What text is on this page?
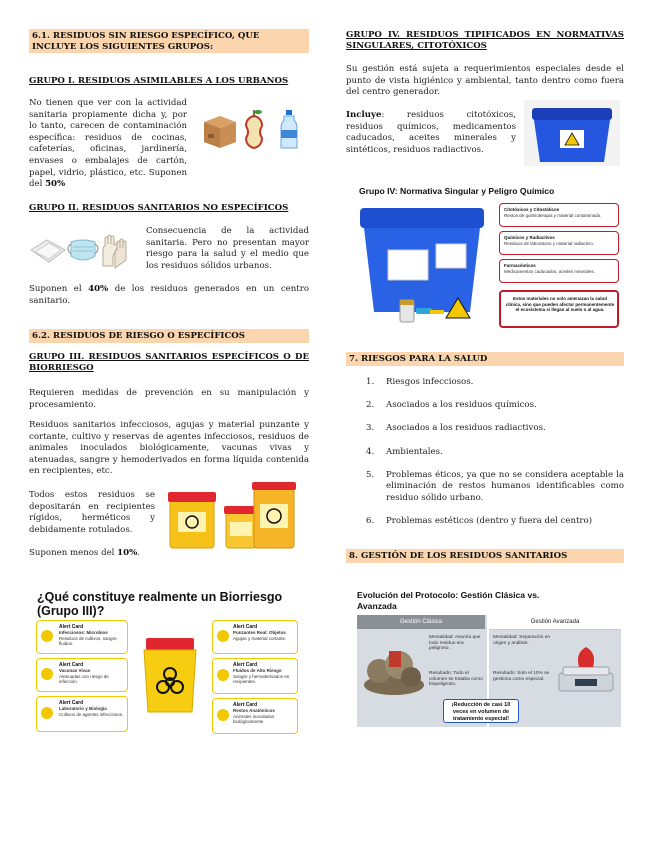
6.1. RESIDUOS SIN RIESGO ESPECÍFICO, QUE INCLUYE LOS SIGUIENTES GRUPOS:
GRUPO I. RESIDUOS ASIMILABLES A LOS URBANOS
No tienen que ver con la actividad sanitaria propiamente dicha y, por lo tanto, carecen de contaminación específica: residuos de cocinas, cafeterías, oficinas, jardinería, envases o embalajes de cartón, papel, vidrio, plástico, etc. Suponen del 50%
GRUPO II. RESIDUOS SANITARIOS NO ESPECÍFICOS
Consecuencia de la actividad sanitaria. Pero no presentan mayor riesgo para la salud y el medio que los residuos sólidos urbanos.
Suponen el 40% de los residuos generados en un centro sanitario.
6.2. RESIDUOS DE RIESGO O ESPECÍFICOS
GRUPO III. RESIDUOS SANITARIOS ESPECÍFICOS O DE BIORRIESGO
Requieren medidas de prevención en su manipulación y procesamiento.
Residuos sanitarios infecciosos, agujas y material punzante y cortante, cultivo y reservas de agentes infecciosos, residuos de animales inoculados biológicamente, vacunas vivas y atenuadas, sangre y hemoderivados en forma líquida contenida en recipientes, etc.
Todos estos residuos se depositarán en recipientes rígidos, herméticos y debidamente rotulados.
Suponen menos del 10%.
¿Qué constituye realmente un Biorriesgo (Grupo III)?
Alert Card
Infecciosos: Microbios
Residuos de cultivos, sangre, fluidos.
Alert Card
Vacunas Vivas
Atenuadas con riesgo de infección.
Alert Card
Laboratorio y Biología
Cultivos de agentes infecciosos.
Alert Card
Punzantes Real: Objetos
Agujas y material cortante.
Alert Card
Fluidos de Alto Riesgo
Sangre y hemoderivados en recipientes.
Alert Card
Restos Anatómicos
Animales inoculados biológicamente.
GRUPO IV. RESIDUOS TIPIFICADOS EN NORMATIVAS SINGULARES, CITOTÓXICOS
Su gestión está sujeta a requerimientos especiales desde el punto de vista higiénico y ambiental, tanto dentro como fuera del centro generador.
Incluye: residuos citotóxicos, residuos químicos, medicamentos caducados, aceites minerales y sintéticos, residuos radiactivos.
Grupo IV: Normativa Singular y Peligro Químico
Citotóxicos y Citostáticos
Restos de quimioterapia y material contaminado.
Químicos y Radiactivos
Residuos de laboratorio y material radiactivo.
Farmacéuticos
Medicamentos caducados, aceites minerales.
Estos materiales no solo amenazan la salud clínica, sino que pueden afectar permanentemente el ecosistema si llegan al suelo o al agua.
7. RIESGOS PARA LA SALUD
1. Riesgos infecciosos.
2. Asociados a los residuos químicos.
3. Asociados a los residuos radiactivos.
4. Ambientales.
5. Problemas éticos, ya que no se considera aceptable la eliminación de restos humanos identificables como residuo sólido urbano.
6. Problemas estéticos (dentro y fuera del centro)
8. GESTIÓN DE LOS RESIDUOS SANITARIOS
Evolución del Protocolo: Gestión Clásica vs. Avanzada
Gestión Clásica	Gestión Avanzada
Mentalidad: Asumía que todo residuo era peligroso.
Resultado: Todo el volumen se trataba como biopeligroso.
Mentalidad: Separación en origen y análisis.
Resultado: Solo el 10% se gestiona como especial.
¡Reducción de casi 10 veces en volumen de tratamiento especial!
